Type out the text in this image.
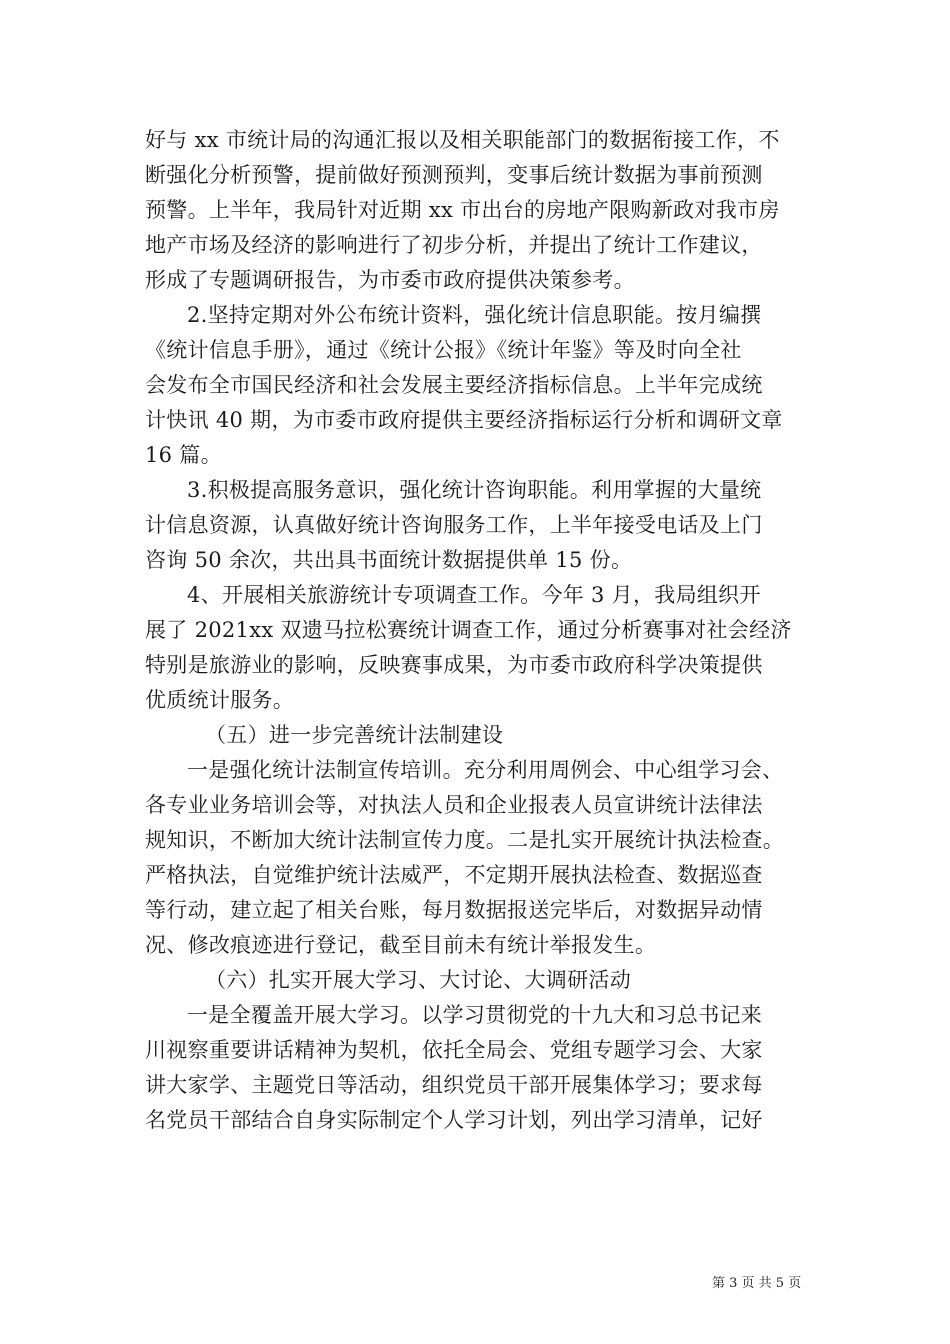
好与 xx 市统计局的沟通汇报以及相关职能部门的数据衔接工作，不
断强化分析预警，提前做好预测预判，变事后统计数据为事前预测
预警。上半年，我局针对近期 xx 市出台的房地产限购新政对我市房
地产市场及经济的影响进行了初步分析，并提出了统计工作建议，
形成了专题调研报告，为市委市政府提供决策参考。
2.坚持定期对外公布统计资料，强化统计信息职能。按月编撰
《统计信息手册》，通过《统计公报》《统计年鉴》等及时向全社
会发布全市国民经济和社会发展主要经济指标信息。上半年完成统
计快讯 40 期，为市委市政府提供主要经济指标运行分析和调研文章
16 篇。
3.积极提高服务意识，强化统计咨询职能。利用掌握的大量统
计信息资源，认真做好统计咨询服务工作，上半年接受电话及上门
咨询 50 余次，共出具书面统计数据提供单 15 份。
4、开展相关旅游统计专项调查工作。今年 3 月，我局组织开
展了 2021xx 双遗马拉松赛统计调查工作，通过分析赛事对社会经济
特别是旅游业的影响，反映赛事成果，为市委市政府科学决策提供
优质统计服务。
（五）进一步完善统计法制建设
一是强化统计法制宣传培训。充分利用周例会、中心组学习会、
各专业业务培训会等，对执法人员和企业报表人员宣讲统计法律法
规知识，不断加大统计法制宣传力度。二是扎实开展统计执法检查。
严格执法，自觉维护统计法威严，不定期开展执法检查、数据巡查
等行动，建立起了相关台账，每月数据报送完毕后，对数据异动情
况、修改痕迹进行登记，截至目前未有统计举报发生。
（六）扎实开展大学习、大讨论、大调研活动
一是全覆盖开展大学习。以学习贯彻党的十九大和习总书记来
川视察重要讲话精神为契机，依托全局会、党组专题学习会、大家
讲大家学、主题党日等活动，组织党员干部开展集体学习；要求每
名党员干部结合自身实际制定个人学习计划，列出学习清单，记好
第 3 页 共 5 页
